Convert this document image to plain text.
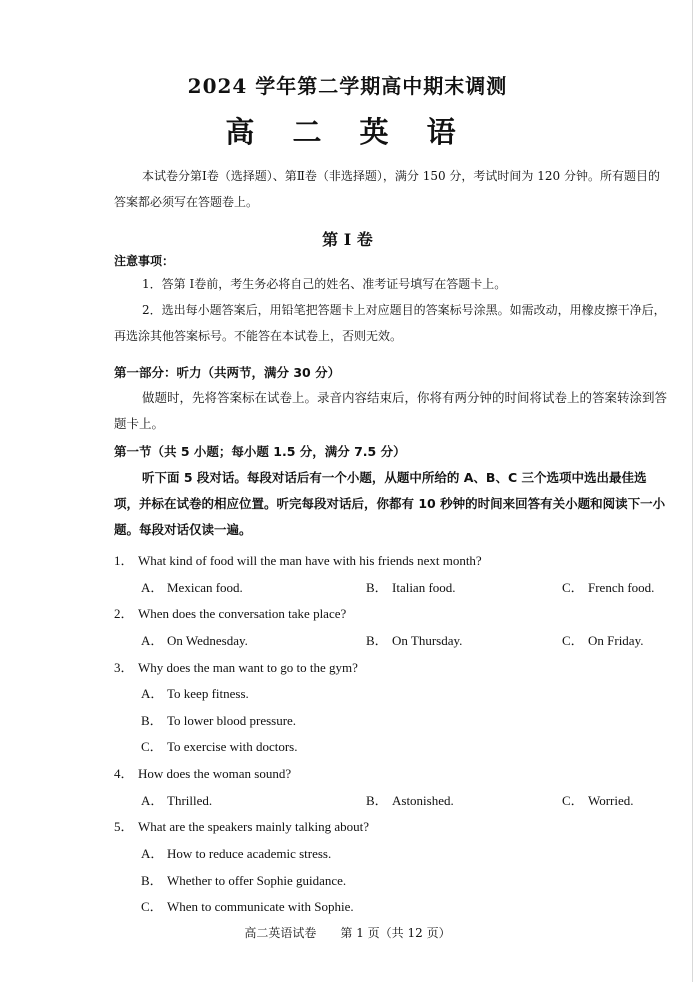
2024 学年第二学期高中期末调测
高 二 英 语
本试卷分第Ⅰ卷（选择题）、第Ⅱ卷（非选择题），满分 150 分，考试时间为 120 分钟。所有题目的答案都必须写在答题卷上。
第 Ⅰ 卷
注意事项：
1．答第 Ⅰ卷前，考生务必将自己的姓名、准考证号填写在答题卡上。
2．选出每小题答案后，用铅笔把答题卡上对应题目的答案标号涂黑。如需改动，用橡皮擦干净后，再选涂其他答案标号。不能答在本试卷上，否则无效。
第一部分：听力（共两节，满分 30 分）
做题时，先将答案标在试卷上。录音内容结束后，你将有两分钟的时间将试卷上的答案转涂到答题卡上。
第一节（共 5 小题；每小题 1.5 分，满分 7.5 分）
听下面 5 段对话。每段对话后有一个小题，从题中所给的 A、B、C 三个选项中选出最佳选项，并标在试卷的相应位置。听完每段对话后，你都有 10 秒钟的时间来回答有关小题和阅读下一小题。每段对话仅读一遍。
1． What kind of food will the man have with his friends next month?
A． Mexican food.	B． Italian food.	C． French food.
2． When does the conversation take place?
A． On Wednesday.	B． On Thursday.	C． On Friday.
3． Why does the man want to go to the gym?
A． To keep fitness.
B． To lower blood pressure.
C． To exercise with doctors.
4． How does the woman sound?
A． Thrilled.	B． Astonished.	C． Worried.
5． What are the speakers mainly talking about?
A． How to reduce academic stress.
B． Whether to offer Sophie guidance.
C． When to communicate with Sophie.
高二英语试卷 第 1 页（共 12 页）
